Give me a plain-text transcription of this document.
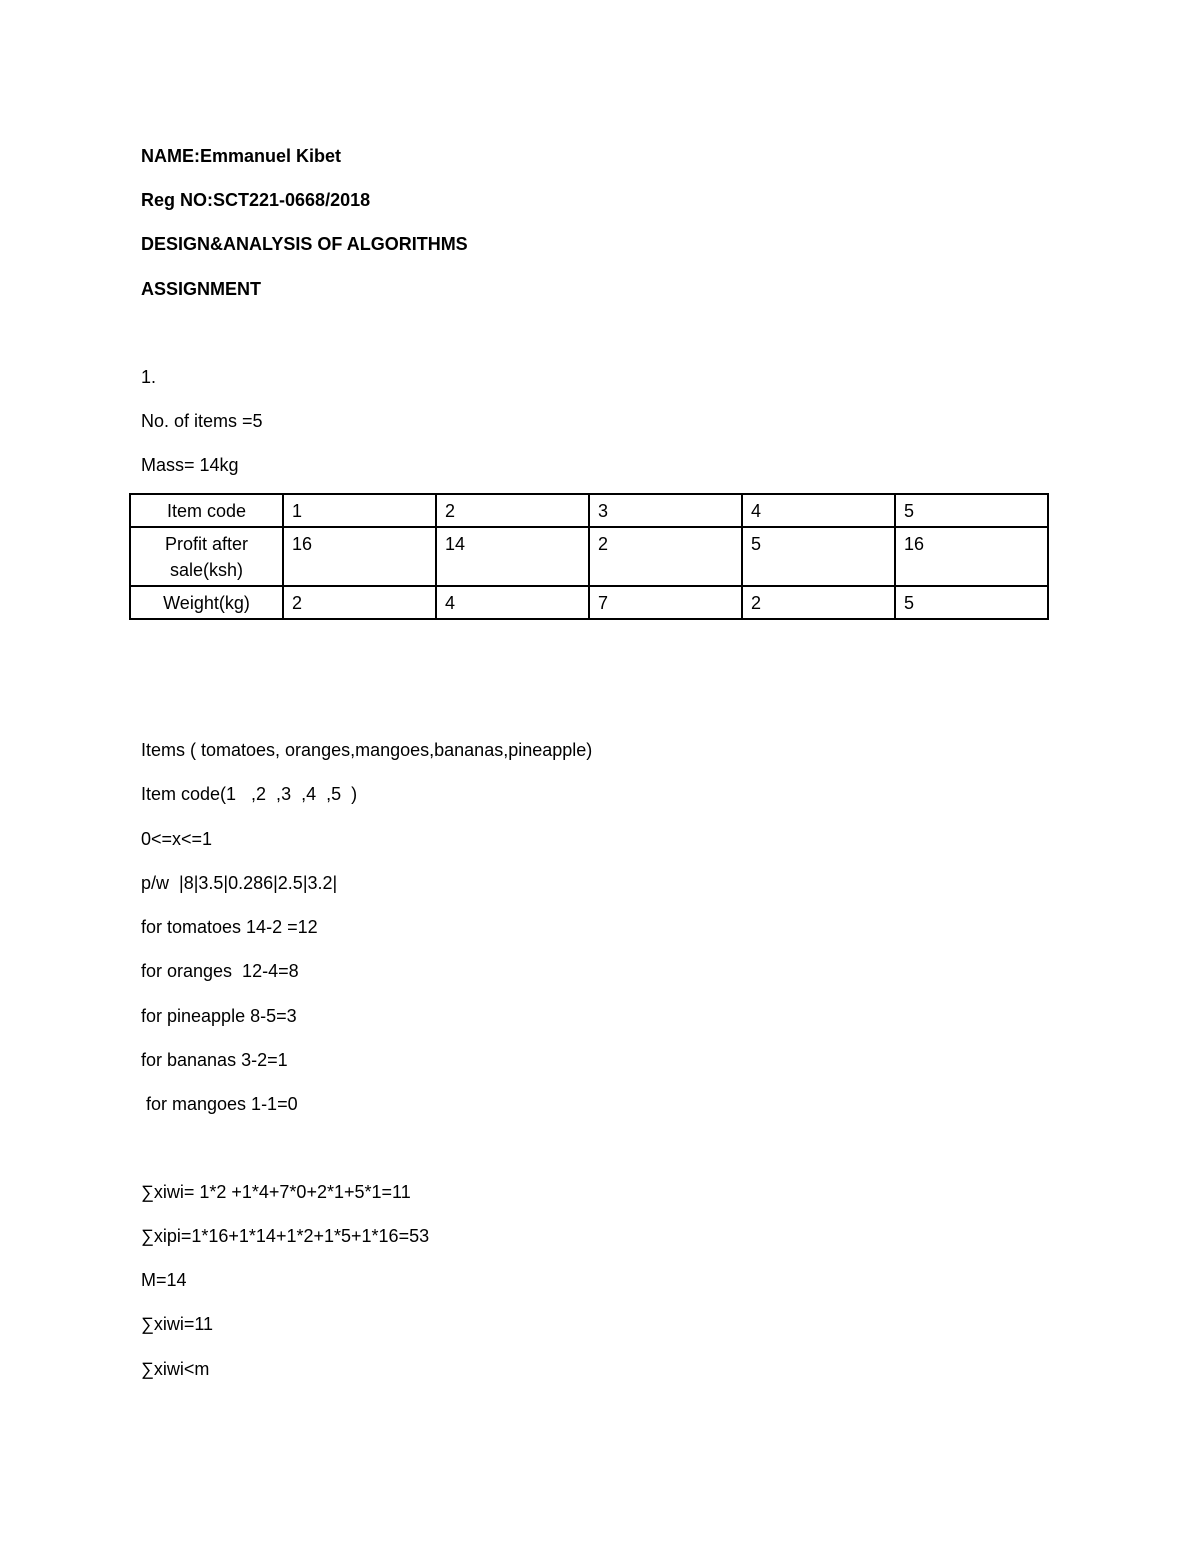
NAME:Emmanuel Kibet

Reg NO:SCT221-0668/2018

DESIGN&ANALYSIS OF ALGORITHMS

ASSIGNMENT

1.

No. of items =5

Mass= 14kg

Item code	1	2	3	4	5
Profit after sale(ksh)	16	14	2	5	16
Weight(kg)	2	4	7	2	5

Items ( tomatoes, oranges,mangoes,bananas,pineapple)

Item code(1   ,2  ,3  ,4  ,5  )

0<=x<=1

p/w  |8|3.5|0.286|2.5|3.2|

for tomatoes 14-2 =12

for oranges  12-4=8

for pineapple 8-5=3

for bananas 3-2=1

for mangoes 1-1=0

∑xiwi= 1*2 +1*4+7*0+2*1+5*1=11

∑xipi=1*16+1*14+1*2+1*5+1*16=53

M=14

∑xiwi=11

∑xiwi<m
